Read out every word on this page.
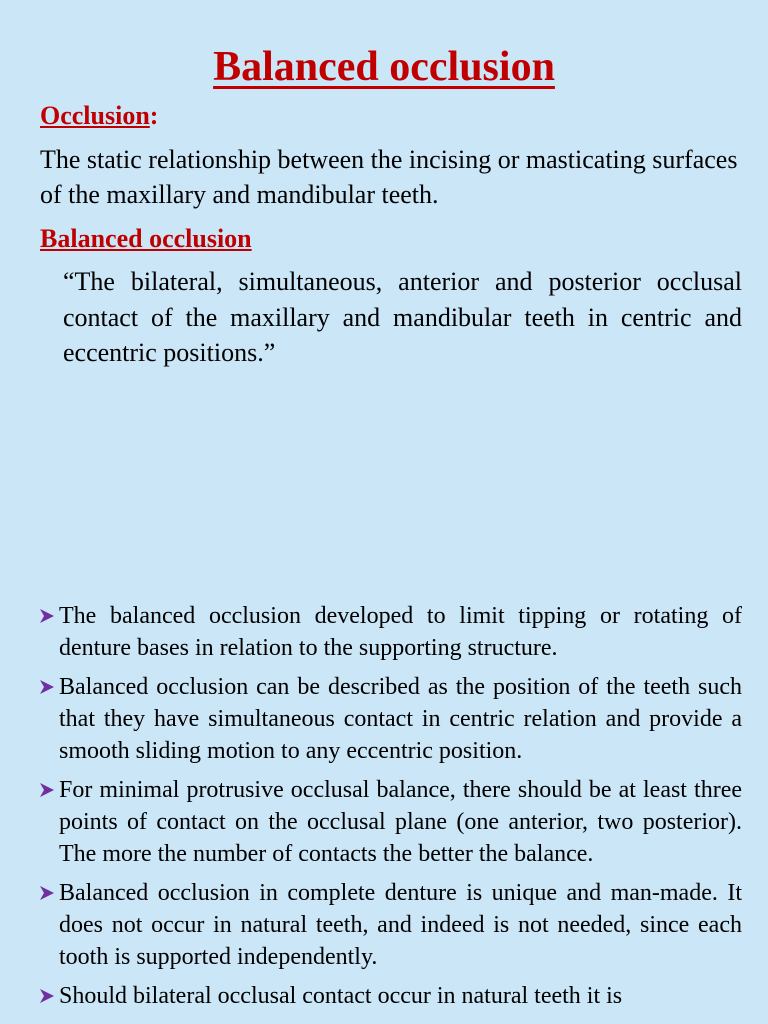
Balanced occlusion
Occlusion:

The static relationship between the incising or masticating surfaces of the maxillary and mandibular teeth.

Balanced occlusion

“The bilateral, simultaneous, anterior and posterior occlusal contact of the maxillary and mandibular teeth in centric and eccentric positions.”

The balanced occlusion developed to limit tipping or rotating of denture bases in relation to the supporting structure.
Balanced occlusion can be described as the position of the teeth such that they have simultaneous contact in centric relation and provide a smooth sliding motion to any eccentric position.
For minimal protrusive occlusal balance, there should be at least three points of contact on the occlusal plane (one anterior, two posterior). The more the number of contacts the better the balance.
Balanced occlusion in complete denture is unique and man-made. It does not occur in natural teeth, and indeed is not needed, since each tooth is supported independently.
Should bilateral occlusal contact occur in natural teeth it is
